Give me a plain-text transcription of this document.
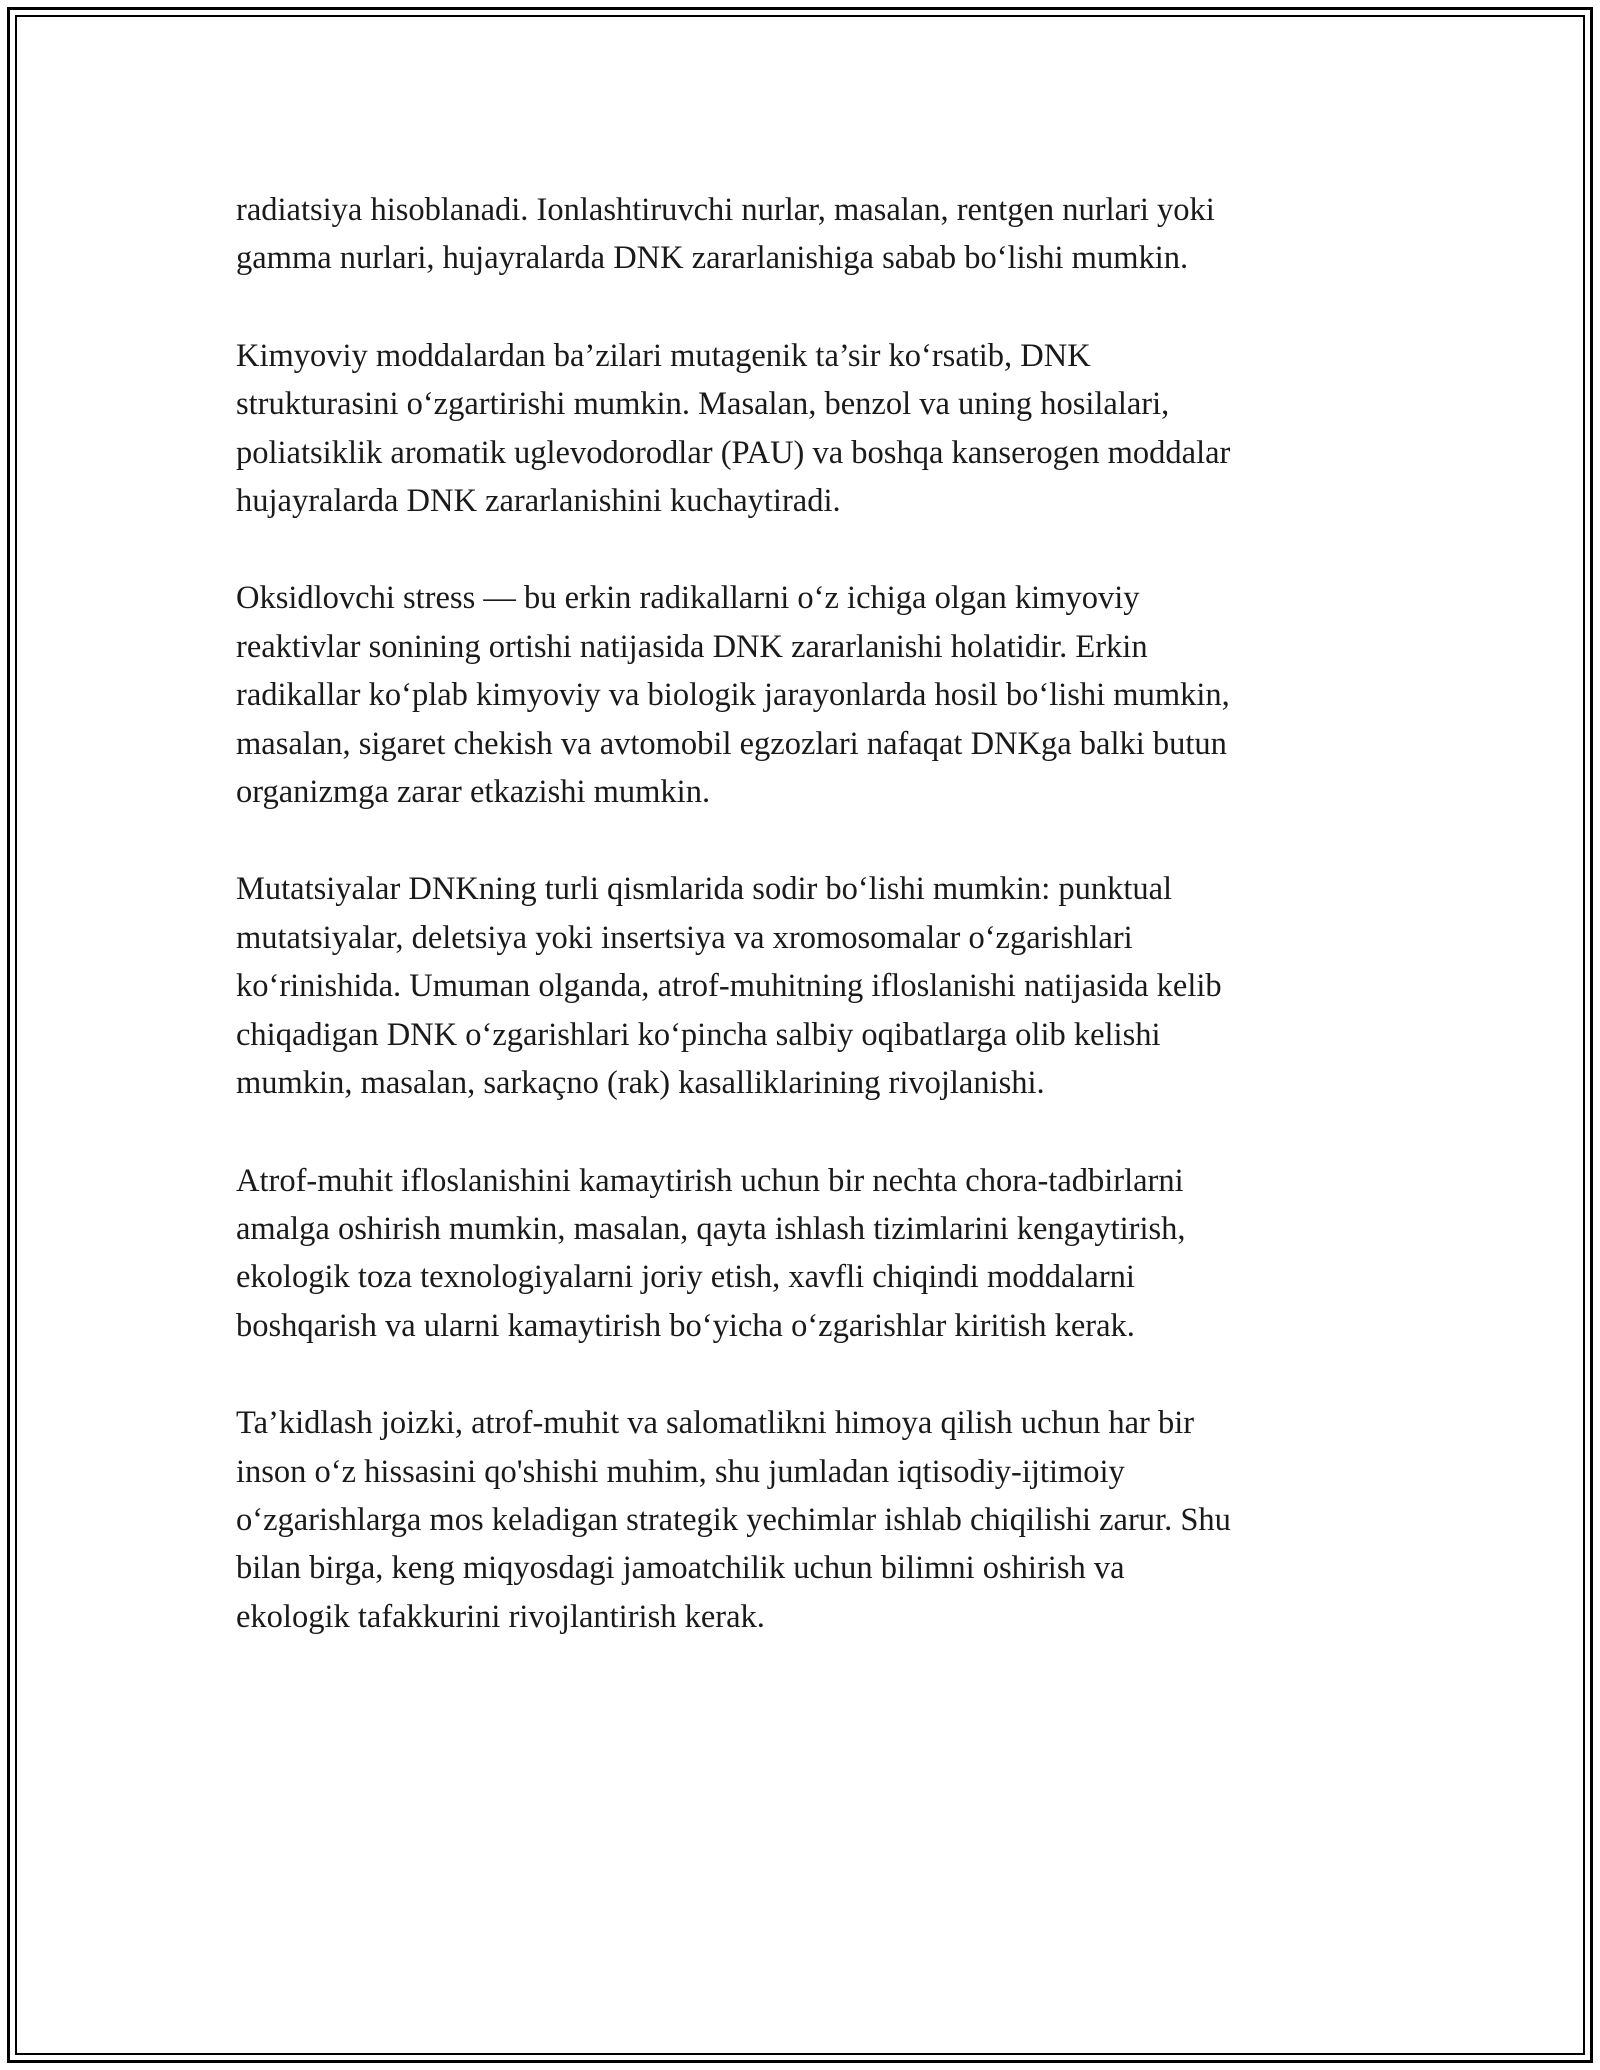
radiatsiya hisoblanadi. Ionlashtiruvchi nurlar, masalan, rentgen nurlari yoki
gamma nurlari, hujayralarda DNK zararlanishiga sabab bo‘lishi mumkin.

Kimyoviy moddalardan ba’zilari mutagenik ta’sir ko‘rsatib, DNK
strukturasini o‘zgartirishi mumkin. Masalan, benzol va uning hosilalari,
poliatsiklik aromatik uglevodorodlar (PAU) va boshqa kanserogen moddalar
hujayralarda DNK zararlanishini kuchaytiradi.

Oksidlovchi stress — bu erkin radikallarni o‘z ichiga olgan kimyoviy
reaktivlar sonining ortishi natijasida DNK zararlanishi holatidir. Erkin
radikallar ko‘plab kimyoviy va biologik jarayonlarda hosil bo‘lishi mumkin,
masalan, sigaret chekish va avtomobil egzozlari nafaqat DNKga balki butun
organizmga zarar etkazishi mumkin.

Mutatsiyalar DNKning turli qismlarida sodir bo‘lishi mumkin: punktual
mutatsiyalar, deletsiya yoki insertsiya va xromosomalar o‘zgarishlari
ko‘rinishida. Umuman olganda, atrof-muhitning ifloslanishi natijasida kelib
chiqadigan DNK o‘zgarishlari ko‘pincha salbiy oqibatlarga olib kelishi
mumkin, masalan, sarkaçno (rak) kasalliklarining rivojlanishi.

Atrof-muhit ifloslanishini kamaytirish uchun bir nechta chora-tadbirlarni
amalga oshirish mumkin, masalan, qayta ishlash tizimlarini kengaytirish,
ekologik toza texnologiyalarni joriy etish, xavfli chiqindi moddalarni
boshqarish va ularni kamaytirish bo‘yicha o‘zgarishlar kiritish kerak.

Ta’kidlash joizki, atrof-muhit va salomatlikni himoya qilish uchun har bir
inson o‘z hissasini qo'shishi muhim, shu jumladan iqtisodiy-ijtimoiy
o‘zgarishlarga mos keladigan strategik yechimlar ishlab chiqilishi zarur. Shu
bilan birga, keng miqyosdagi jamoatchilik uchun bilimni oshirish va
ekologik tafakkurini rivojlantirish kerak.
